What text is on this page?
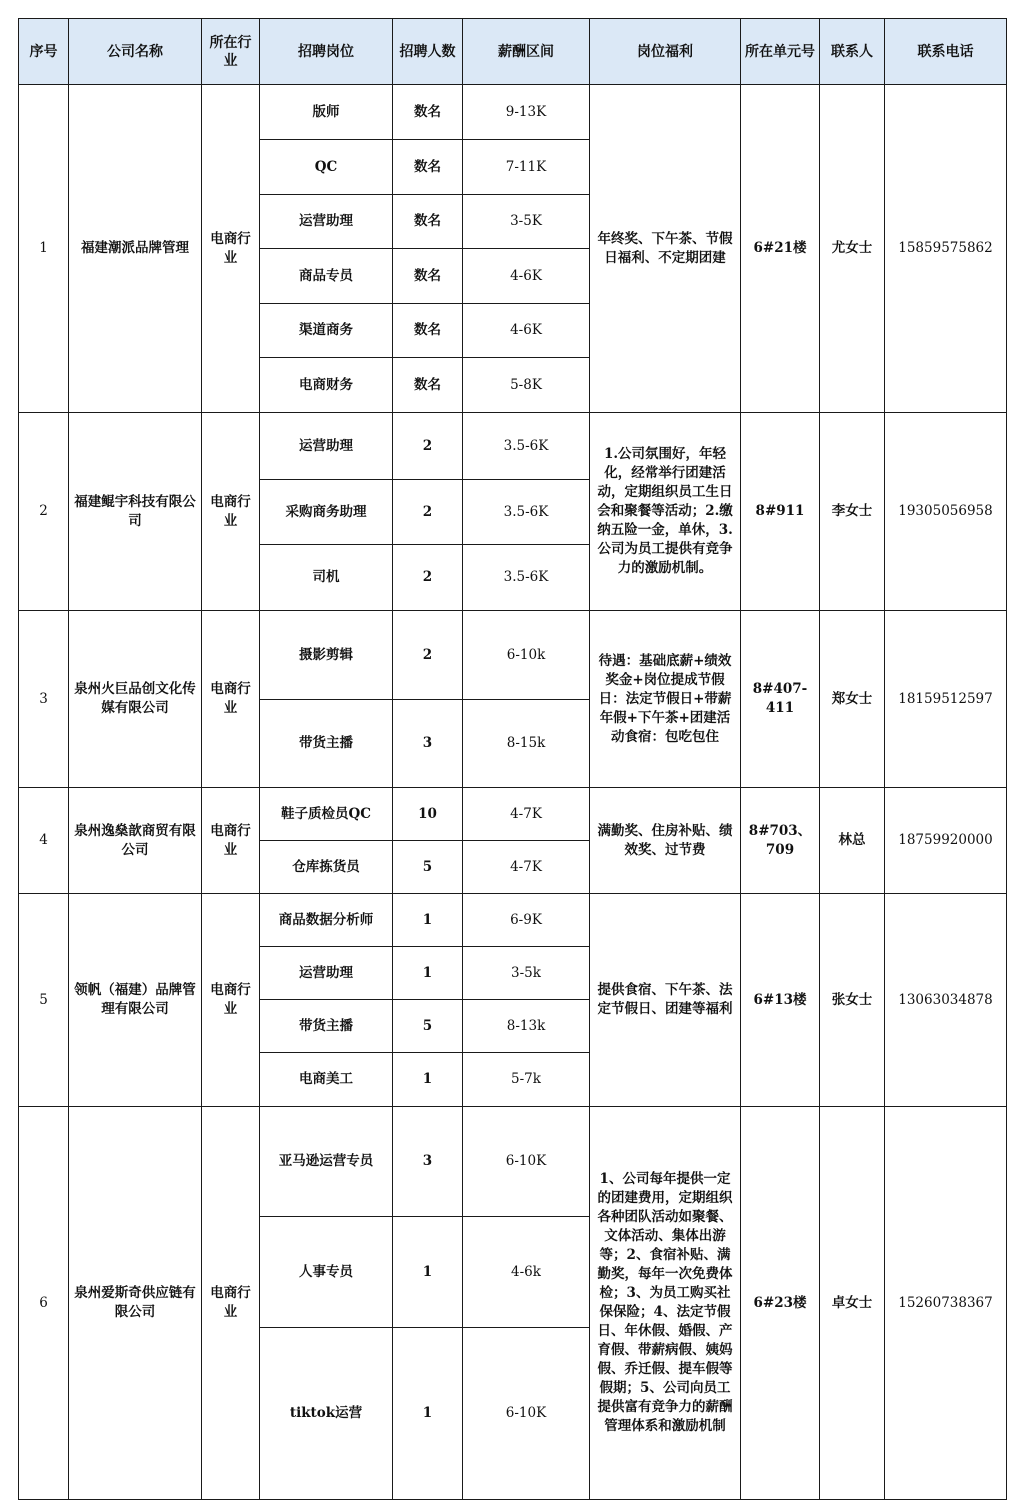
序号	公司名称	所在行业	招聘岗位	招聘人数	薪酬区间	岗位福利	所在单元号	联系人	联系电话
1	福建潮派品牌管理	电商行业	版师	数名	9-13K	年终奖、下午茶、节假日福利、不定期团建	6#21楼	尤女士	15859575862
			QC	数名	7-11K				
			运营助理	数名	3-5K				
			商品专员	数名	4-6K				
			渠道商务	数名	4-6K				
			电商财务	数名	5-8K				
2	福建鲲宇科技有限公司	电商行业	运营助理	2	3.5-6K	1.公司氛围好，年轻化，经常举行团建活动，定期组织员工生日会和聚餐等活动；2.缴纳五险一金，单休，3.公司为员工提供有竞争力的激励机制。	8#911	李女士	19305056958
			采购商务助理	2	3.5-6K				
			司机	2	3.5-6K				
3	泉州火巨品创文化传媒有限公司	电商行业	摄影剪辑	2	6-10k	待遇：基础底薪+绩效奖金+岗位提成节假日：法定节假日+带薪年假+下午茶+团建活动食宿：包吃包住	8#407-411	郑女士	18159512597
			带货主播	3	8-15k				
4	泉州逸燊歆商贸有限公司	电商行业	鞋子质检员QC	10	4-7K	满勤奖、住房补贴、绩效奖、过节费	8#703、709	林总	18759920000
			仓库拣货员	5	4-7K				
5	领帆（福建）品牌管理有限公司	电商行业	商品数据分析师	1	6-9K	提供食宿、下午茶、法定节假日、团建等福利	6#13楼	张女士	13063034878
			运营助理	1	3-5k				
			带货主播	5	8-13k				
			电商美工	1	5-7k				
6	泉州爱斯奇供应链有限公司	电商行业	亚马逊运营专员	3	6-10K	1、公司每年提供一定的团建费用，定期组织各种团队活动如聚餐、文体活动、集体出游等；2、食宿补贴、满勤奖，每年一次免费体检；3、为员工购买社保保险；4、法定节假日、年休假、婚假、产育假、带薪病假、姨妈假、乔迁假、提车假等假期；5、公司向员工提供富有竞争力的薪酬管理体系和激励机制	6#23楼	卓女士	15260738367
			人事专员	1	4-6k				
			tiktok运营	1	6-10K				
